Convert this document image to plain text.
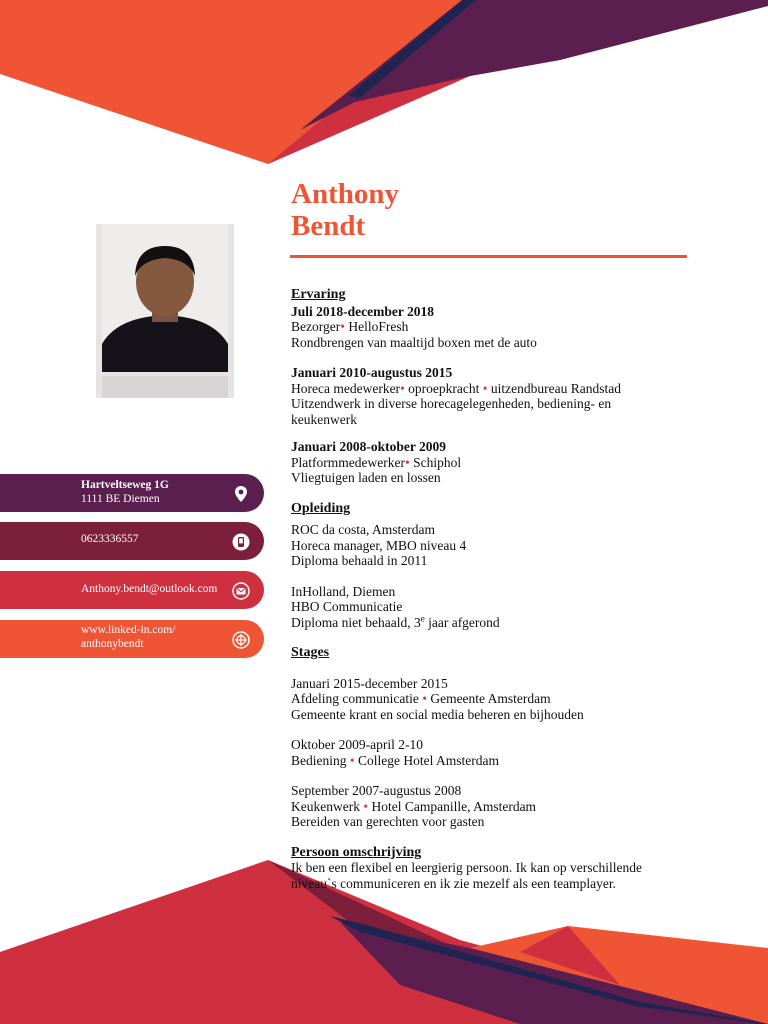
Anthony
Bendt
Hartveltseweg 1G
1111 BE Diemen
0623336557
Anthony.bendt@outlook.com
www.linked-in.com/
anthonybendt
Ervaring
Juli 2018-december 2018
Bezorger• HelloFresh
Rondbrengen van maaltijd boxen met de auto
Januari 2010-augustus 2015
Horeca medewerker• oproepkracht • uitzendbureau Randstad
Uitzendwerk in diverse horecagelegenheden, bediening- en
keukenwerk
Januari 2008-oktober 2009
Platformmedewerker• Schiphol
Vliegtuigen laden en lossen
Opleiding
ROC da costa, Amsterdam
Horeca manager, MBO niveau 4
Diploma behaald in 2011
InHolland, Diemen
HBO Communicatie
Diploma niet behaald, 3e jaar afgerond
Stages
Januari 2015-december 2015
Afdeling communicatie • Gemeente Amsterdam
Gemeente krant en social media beheren en bijhouden
Oktober 2009-april 2-10
Bediening • College Hotel Amsterdam
September 2007-augustus 2008
Keukenwerk • Hotel Campanille, Amsterdam
Bereiden van gerechten voor gasten
Persoon omschrijving
Ik ben een flexibel en leergierig persoon. Ik kan op verschillende
niveau`s communiceren en ik zie mezelf als een teamplayer.
